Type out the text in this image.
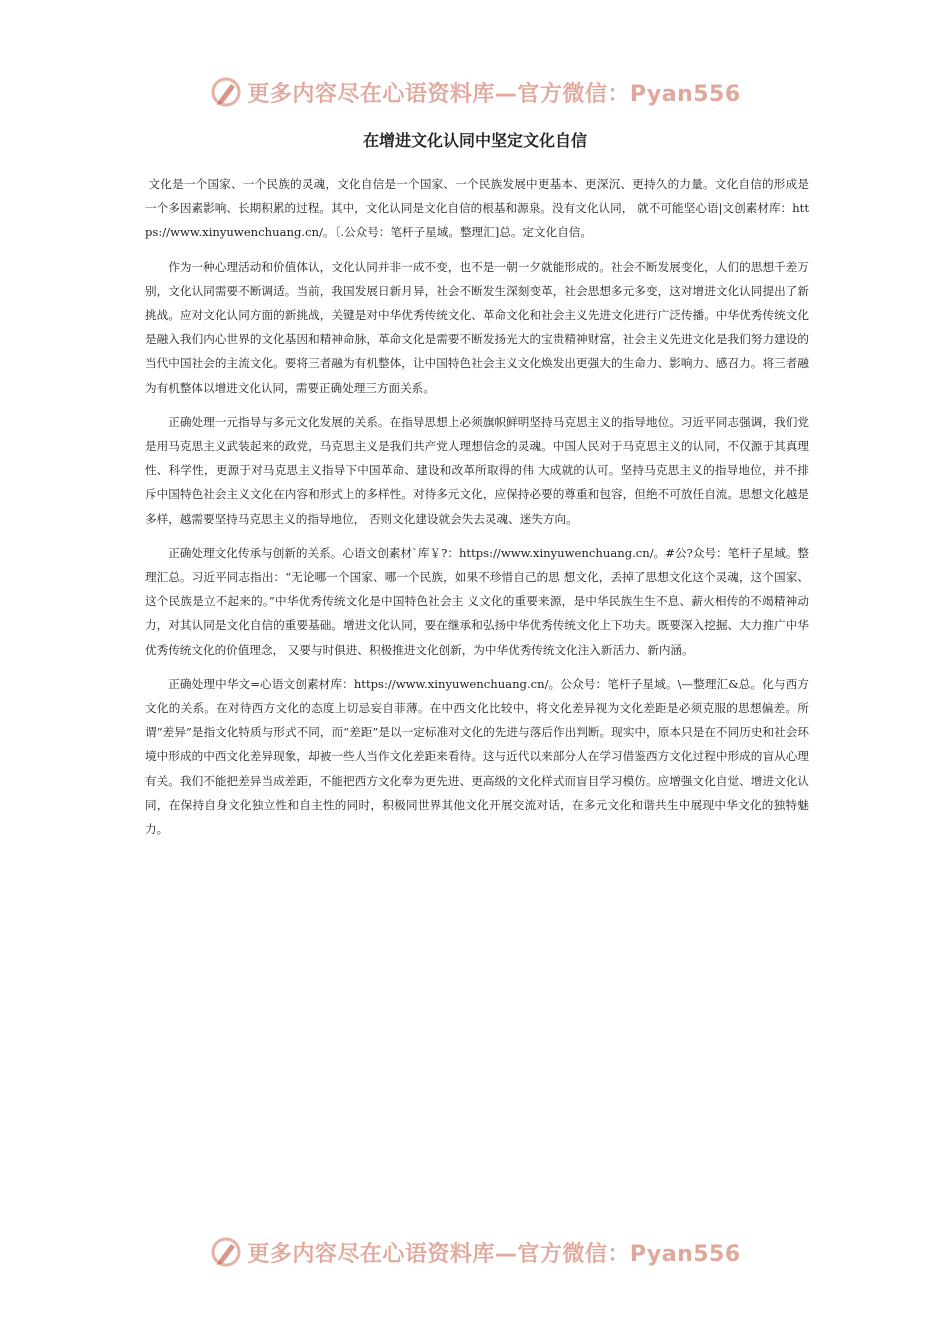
更多内容尽在心语资料库—官方微信：Pyan556
在增进文化认同中坚定文化自信

文化是一个国家、一个民族的灵魂，文化自信是一个国家、一个民族发展中更基本、更深沉、更持久的力量。文化自信的形成是一个多因素影响、长期积累的过程。其中，文化认同是文化自信的根基和源泉。没有文化认同， 就不可能坚心语|文创素材库：https://www.xinyuwenchuang.cn/。〔.公众号：笔杆子星域。整理汇]总。定文化自信。

作为一种心理活动和价值体认，文化认同并非一成不变，也不是一朝一夕就能形成的。社会不断发展变化，人们的思想千差万别，文化认同需要不断调适。当前，我国发展日新月异，社会不断发生深刻变革，社会思想多元多变，这对增进文化认同提出了新挑战。应对文化认同方面的新挑战，关键是对中华优秀传统文化、革命文化和社会主义先进文化进行广泛传播。中华优秀传统文化是融入我们内心世界的文化基因和精神命脉，革命文化是需要不断发扬光大的宝贵精神财富，社会主义先进文化是我们努力建设的当代中国社会的主流文化。要将三者融为有机整体，让中国特色社会主义文化焕发出更强大的生命力、影响力、感召力。将三者融为有机整体以增进文化认同，需要正确处理三方面关系。

正确处理一元指导与多元文化发展的关系。在指导思想上必须旗帜鲜明坚持马克思主义的指导地位。习近平同志强调，我们党是用马克思主义武装起来的政党，马克思主义是我们共产党人理想信念的灵魂。中国人民对于马克思主义的认同，不仅源于其真理性、科学性，更源于对马克思主义指导下中国革命、建设和改革所取得的伟 大成就的认可。坚持马克思主义的指导地位，并不排斥中国特色社会主义文化在内容和形式上的多样性。对待多元文化，应保持必要的尊重和包容，但绝不可放任自流。思想文化越是多样，越需要坚持马克思主义的指导地位， 否则文化建设就会失去灵魂、迷失方向。

正确处理文化传承与创新的关系。心语文创素材`库￥?：https://www.xinyuwenchuang.cn/。#公?众号：笔杆子星域。整理汇总。习近平同志指出：“无论哪一个国家、哪一个民族，如果不珍惜自己的思 想文化，丢掉了思想文化这个灵魂，这个国家、这个民族是立不起来的。”中华优秀传统文化是中国特色社会主 义文化的重要来源，是中华民族生生不息、薪火相传的不竭精神动力，对其认同是文化自信的重要基础。增进文化认同，要在继承和弘扬中华优秀传统文化上下功夫。既要深入挖掘、大力推广中华优秀传统文化的价值理念， 又要与时俱进、积极推进文化创新，为中华优秀传统文化注入新活力、新内涵。

正确处理中华文=心语文创素材库：https://www.xinyuwenchuang.cn/。公众号：笔杆子星域。\—整理汇&总。化与西方文化的关系。在对待西方文化的态度上切忌妄自菲薄。在中西文化比较中，将文化差异视为文化差距是必须克服的思想偏差。所谓“差异”是指文化特质与形式不同，而“差距”是以一定标准对文化的先进与落后作出判断。现实中，原本只是在不同历史和社会环境中形成的中西文化差异现象，却被一些人当作文化差距来看待。这与近代以来部分人在学习借鉴西方文化过程中形成的盲从心理有关。我们不能把差异当成差距，不能把西方文化奉为更先进、更高级的文化样式而盲目学习模仿。应增强文化自觉、增进文化认同，在保持自身文化独立性和自主性的同时，积极同世界其他文化开展交流对话，在多元文化和谐共生中展现中华文化的独特魅力。

更多内容尽在心语资料库—官方微信：Pyan556
